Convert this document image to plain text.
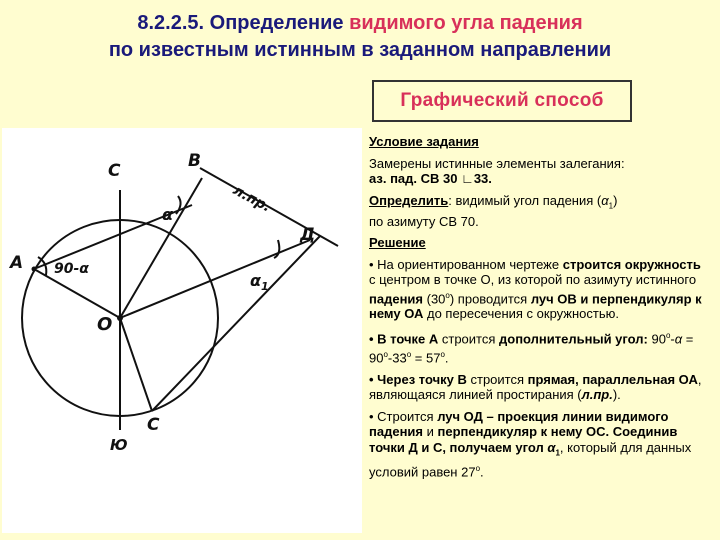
8.2.2.5. Определение видимого угла падения
по известным истинным в заданном направлении
Графический способ
С
Ю
О
А
В
С
Д
л.пр.
90-α
α
$\alpha_1$

Условие задания

Замерены истинные элементы залегания:
аз. пад. СВ 30 ∟33.

Определить: видимый угол падения $(\alpha_1)$
по азимуту СВ 70.

Решение

• На ориентированном чертеже строится окружность с центром в точке О, из которой по азимуту истинного падения $(30^о)$ проводится луч ОВ и перпендикуляр к нему ОА до пересечения с окружностью.

• В точке А строится дополнительный угол: $90^о-\alpha = 90^о-33^о = 57^о$.

• Через точку В строится прямая, параллельная ОА, являющаяся линией простирания (л.пр.).

• Строится луч ОД – проекция линии видимого падения и перпендикуляр к нему ОС. Соединив точки Д и С, получаем угол $\alpha_1$, который для данных условий равен $27^о$.
